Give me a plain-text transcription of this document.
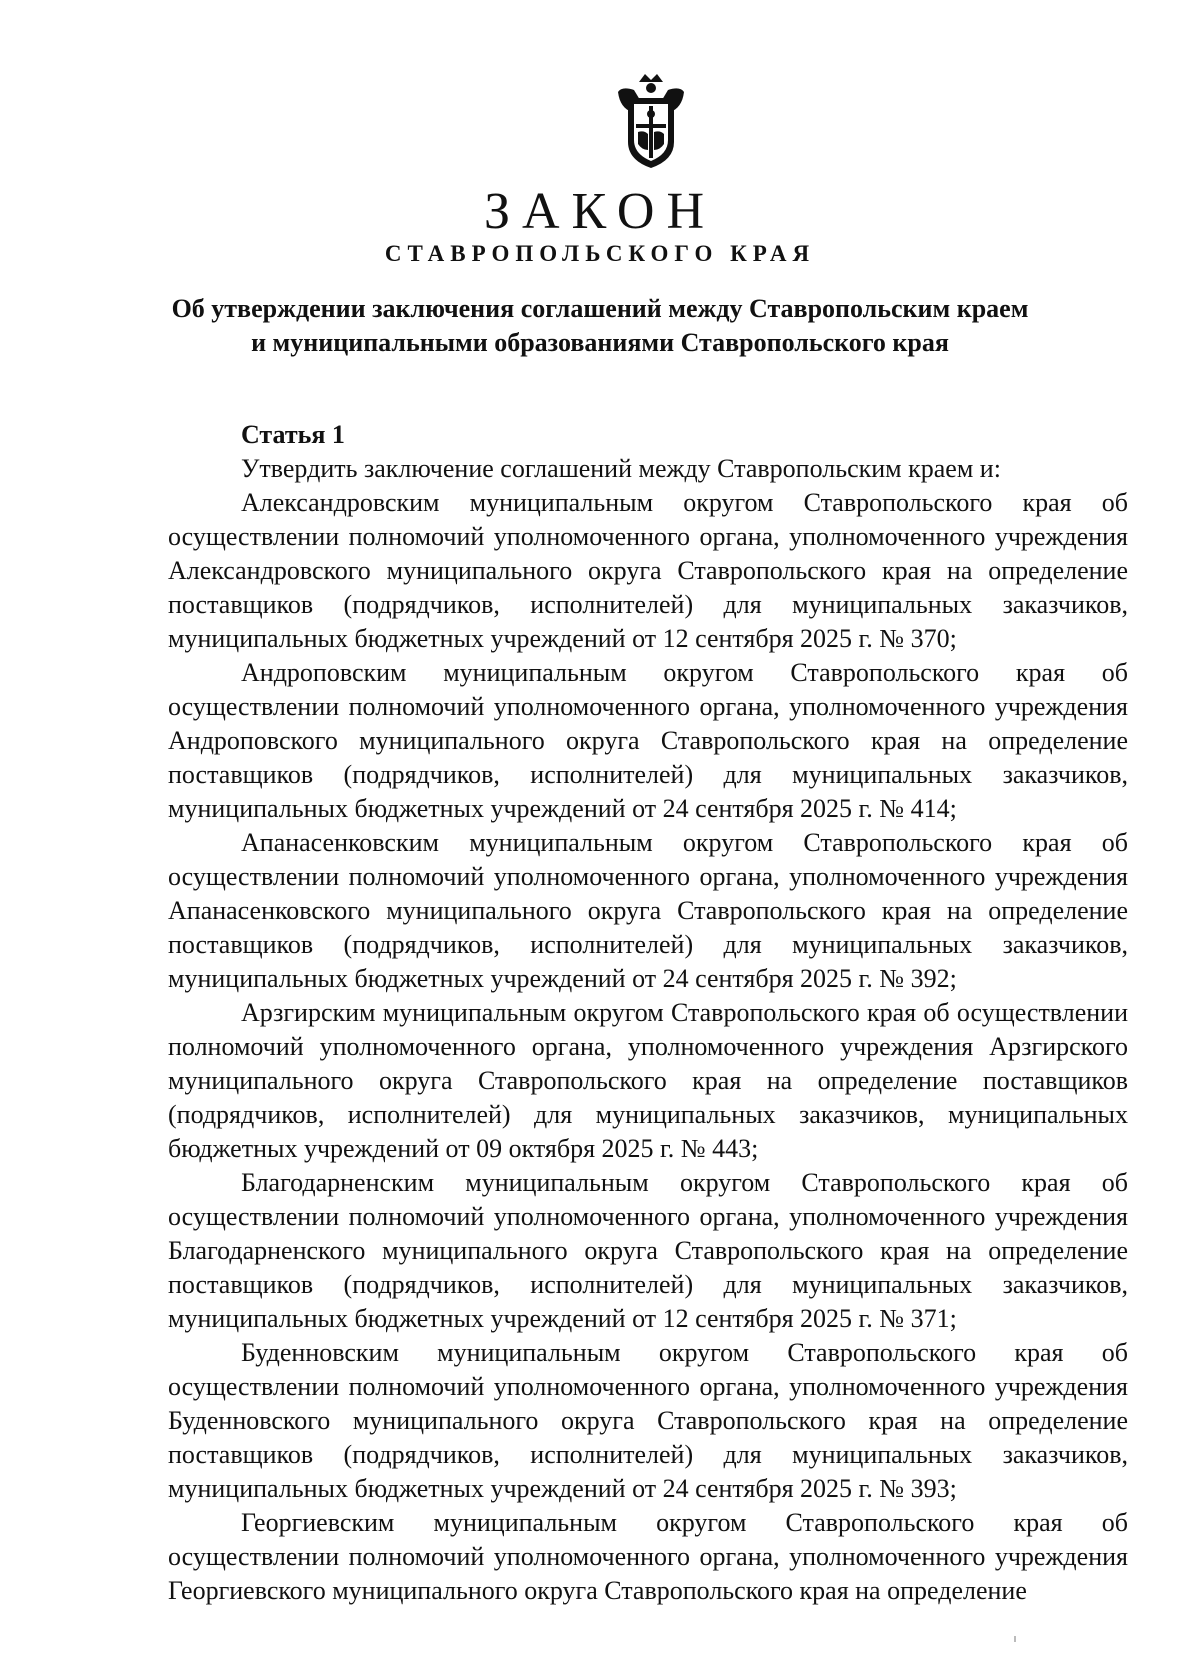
ЗАКОН
СТАВРОПОЛЬСКОГО КРАЯ
Об утверждении заключения соглашений между Ставропольским краем
и муниципальными образованиями Ставропольского края
Статья 1

Утвердить заключение соглашений между Ставропольским краем и:

Александровским муниципальным округом Ставропольского края об осуществлении полномочий уполномоченного органа, уполномоченного учреждения Александровского муниципального округа Ставропольского края на определение поставщиков (подрядчиков, исполнителей) для муниципальных заказчиков, муниципальных бюджетных учреждений от 12 сентября 2025 г. № 370;

Андроповским муниципальным округом Ставропольского края об осуществлении полномочий уполномоченного органа, уполномоченного учреждения Андроповского муниципального округа Ставропольского края на определение поставщиков (подрядчиков, исполнителей) для муниципальных заказчиков, муниципальных бюджетных учреждений от 24 сентября 2025 г. № 414;

Апанасенковским муниципальным округом Ставропольского края об осуществлении полномочий уполномоченного органа, уполномоченного учреждения Апанасенковского муниципального округа Ставропольского края на определение поставщиков (подрядчиков, исполнителей) для муниципальных заказчиков, муниципальных бюджетных учреждений от 24 сентября 2025 г. № 392;

Арзгирским муниципальным округом Ставропольского края об осуществлении полномочий уполномоченного органа, уполномоченного учреждения Арзгирского муниципального округа Ставропольского края на определение поставщиков (подрядчиков, исполнителей) для муниципальных заказчиков, муниципальных бюджетных учреждений от 09 октября 2025 г. № 443;

Благодарненским муниципальным округом Ставропольского края об осуществлении полномочий уполномоченного органа, уполномоченного учреждения Благодарненского муниципального округа Ставропольского края на определение поставщиков (подрядчиков, исполнителей) для муниципальных заказчиков, муниципальных бюджетных учреждений от 12 сентября 2025 г. № 371;

Буденновским муниципальным округом Ставропольского края об осуществлении полномочий уполномоченного органа, уполномоченного учреждения Буденновского муниципального округа Ставропольского края на определение поставщиков (подрядчиков, исполнителей) для муниципальных заказчиков, муниципальных бюджетных учреждений от 24 сентября 2025 г. № 393;

Георгиевским муниципальным округом Ставропольского края об осуществлении полномочий уполномоченного органа, уполномоченного учреждения Георгиевского муниципального округа Ставропольского края на определение
